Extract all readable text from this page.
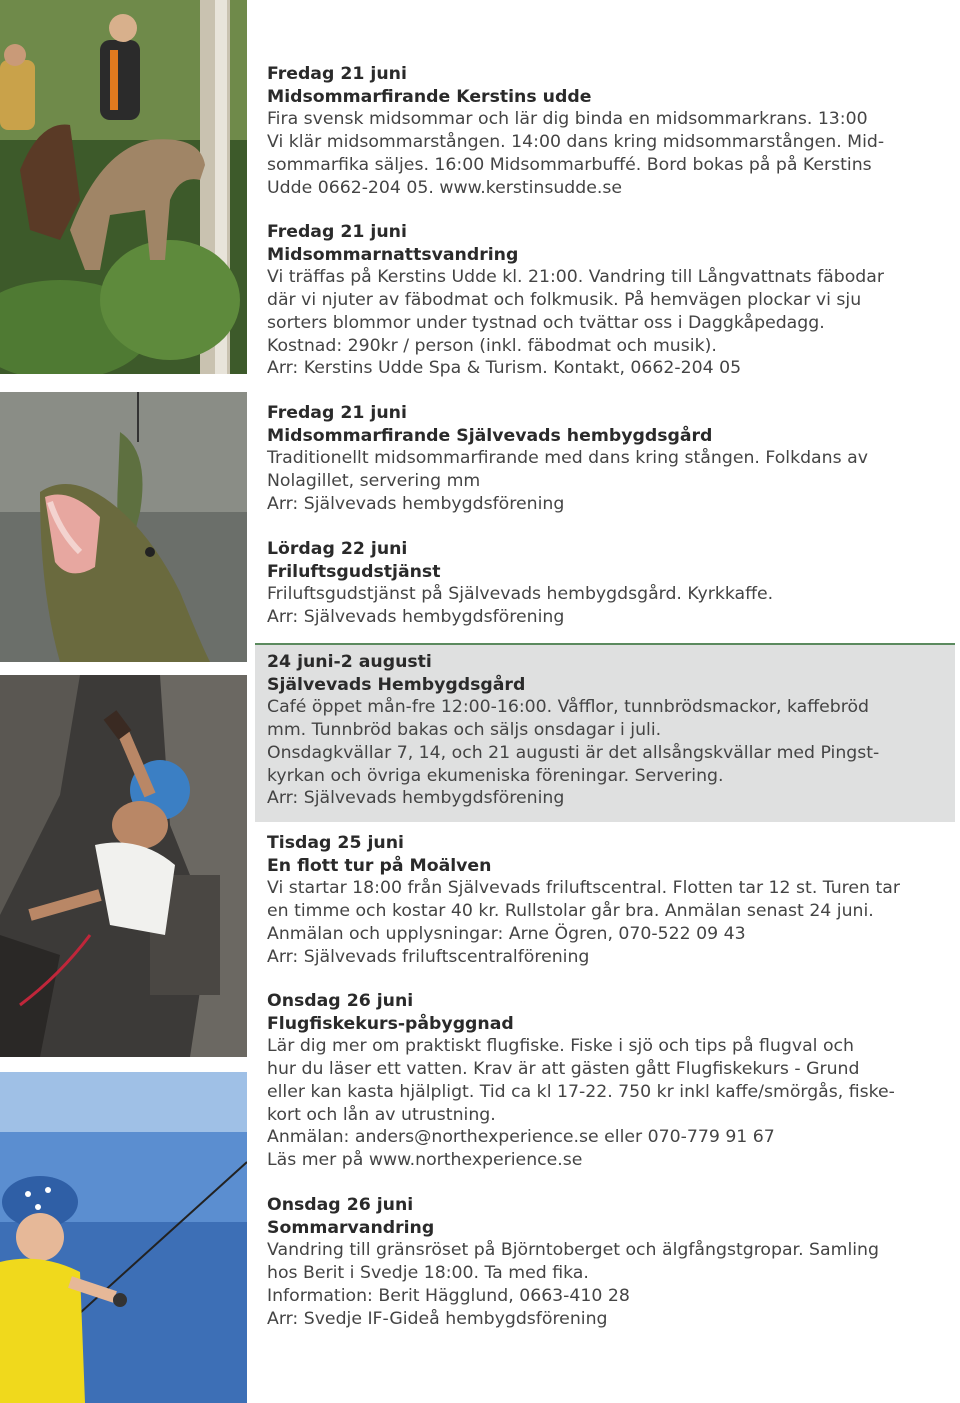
Fredag 21 juni
Midsommarfirande Kerstins udde
Fira svensk midsommar och lär dig binda en midsommarkrans. 13:00
Vi klär midsommarstången. 14:00 dans kring midsommarstången. Mid-
sommarfika säljes. 16:00 Midsommarbuffé. Bord bokas på på Kerstins
Udde 0662-204 05. www.kerstinsudde.se
Fredag 21 juni
Midsommarnattsvandring
Vi träffas på Kerstins Udde kl. 21:00. Vandring till Långvattnats fäbodar
där vi njuter av fäbodmat och folkmusik. På hemvägen plockar vi sju
sorters blommor under tystnad och tvättar oss i Daggkåpedagg.
Kostnad: 290kr / person (inkl. fäbodmat och musik).
Arr: Kerstins Udde Spa & Turism. Kontakt, 0662-204 05
Fredag 21 juni
Midsommarfirande Självevads hembygdsgård
Traditionellt midsommarfirande med dans kring stången. Folkdans av
Nolagillet, servering mm
Arr: Självevads hembygdsförening
Lördag 22 juni
Friluftsgudstjänst
Friluftsgudstjänst på Självevads hembygdsgård. Kyrkkaffe.
Arr: Självevads hembygdsförening
24 juni-2 augusti
Självevads Hembygdsgård
Café öppet mån-fre 12:00-16:00. Våfflor, tunnbrödsmackor, kaffebröd
mm. Tunnbröd bakas och säljs onsdagar i juli.
Onsdagkvällar 7, 14, och 21 augusti är det allsångskvällar med Pingst-
kyrkan och övriga ekumeniska föreningar. Servering.
Arr: Självevads hembygdsförening
Tisdag 25 juni
En flott tur på Moälven
Vi startar 18:00 från Självevads friluftscentral. Flotten tar 12 st. Turen tar
en timme och kostar 40 kr. Rullstolar går bra. Anmälan senast 24 juni.
Anmälan och upplysningar: Arne Ögren, 070-522 09 43
Arr: Självevads friluftscentralförening
Onsdag 26 juni
Flugfiskekurs-påbyggnad
Lär dig mer om praktiskt flugfiske. Fiske i sjö och tips på flugval och
hur du läser ett vatten. Krav är att gästen gått Flugfiskekurs - Grund
eller kan kasta hjälpligt. Tid ca kl 17-22. 750 kr inkl kaffe/smörgås, fiske-
kort och lån av utrustning.
Anmälan: anders@northexperience.se eller 070-779 91 67
Läs mer på www.northexperience.se
Onsdag 26 juni
Sommarvandring
Vandring till gränsröset på Björntoberget och älgfångstgropar. Samling
hos Berit i Svedje 18:00. Ta med fika.
Information: Berit Hägglund, 0663-410 28
Arr: Svedje IF-Gideå hembygdsförening
